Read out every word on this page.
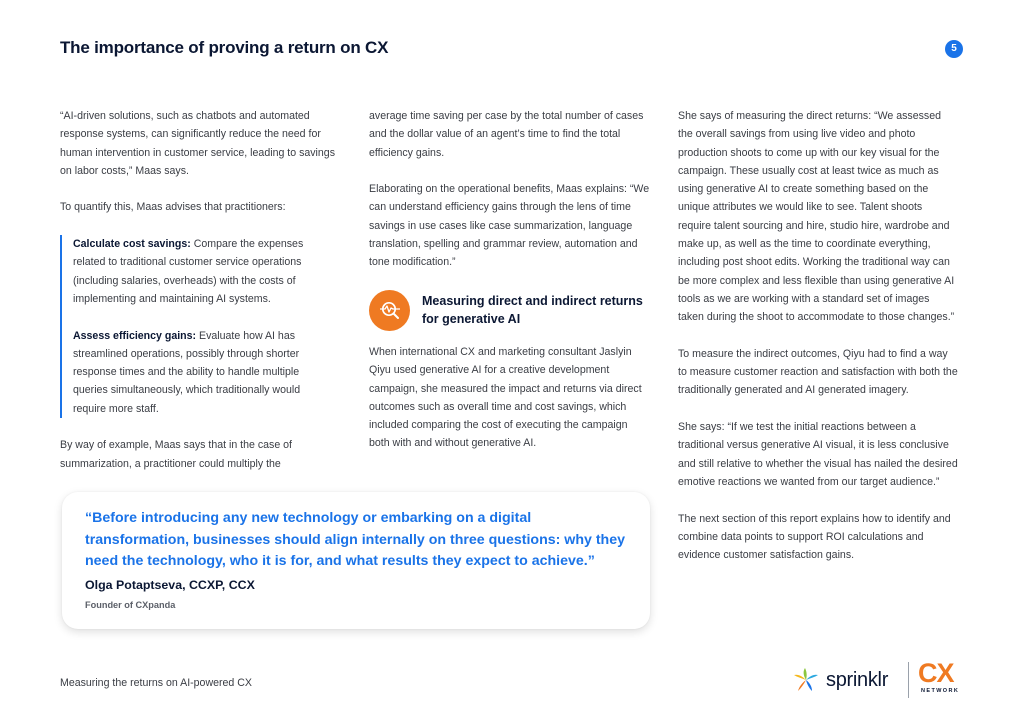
The importance of proving a return on CX	5

“AI-driven solutions, such as chatbots and automated response systems, can significantly reduce the need for human intervention in customer service, leading to savings on labor costs,” Maas says.

To quantify this, Maas advises that practitioners:

Calculate cost savings: Compare the expenses related to traditional customer service operations (including salaries, overheads) with the costs of implementing and maintaining AI systems.

Assess efficiency gains: Evaluate how AI has streamlined operations, possibly through shorter response times and the ability to handle multiple queries simultaneously, which traditionally would require more staff.

By way of example, Maas says that in the case of summarization, a practitioner could multiply the

average time saving per case by the total number of cases and the dollar value of an agent’s time to find the total efficiency gains.

Elaborating on the operational benefits, Maas explains: “We can understand efficiency gains through the lens of time savings in use cases like case summarization, language translation, spelling and grammar review, automation and tone modification.”

Measuring direct and indirect returns for generative AI

When international CX and marketing consultant Jaslyin Qiyu used generative AI for a creative development campaign, she measured the impact and returns via direct outcomes such as overall time and cost savings, which included comparing the cost of executing the campaign both with and without generative AI.

She says of measuring the direct returns: “We assessed the overall savings from using live video and photo production shoots to come up with our key visual for the campaign. These usually cost at least twice as much as using generative AI to create something based on the unique attributes we would like to see. Talent shoots require talent sourcing and hire, studio hire, wardrobe and make up, as well as the time to coordinate everything, including post shoot edits. Working the traditional way can be more complex and less flexible than using generative AI tools as we are working with a standard set of images taken during the shoot to accommodate to those changes.”

To measure the indirect outcomes, Qiyu had to find a way to measure customer reaction and satisfaction with both the traditionally generated and AI generated imagery.

She says: “If we test the initial reactions between a traditional versus generative AI visual, it is less conclusive and still relative to whether the visual has nailed the desired emotive reactions we wanted from our target audience.”

The next section of this report explains how to identify and combine data points to support ROI calculations and evidence customer satisfaction gains.

“Before introducing any new technology or embarking on a digital transformation, businesses should align internally on three questions: why they need the technology, who it is for, and what results they expect to achieve.”
Olga Potaptseva, CCXP, CCX
Founder of CXpanda
Measuring the returns on AI-powered CX	sprinklr CX
NETWORK
